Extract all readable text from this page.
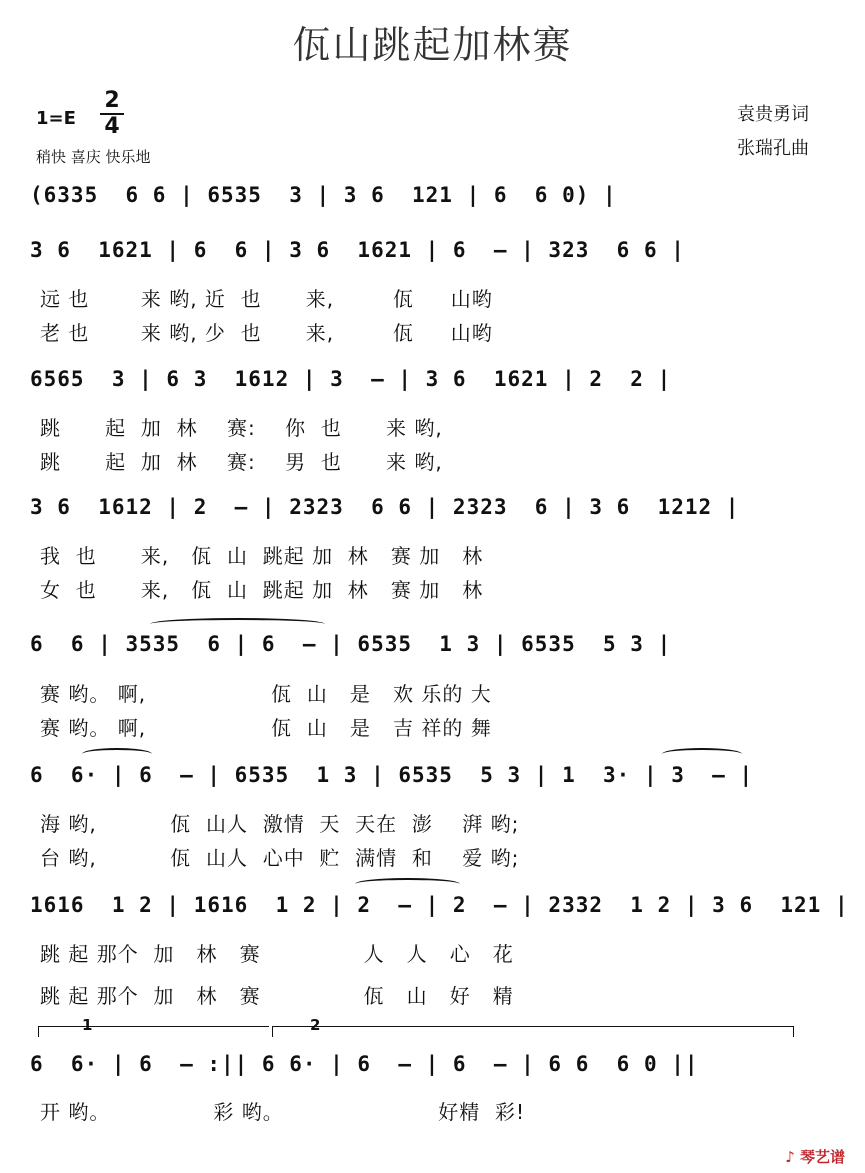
佤山跳起加林赛
1=E
2
4
稍快 喜庆 快乐地
袁贵勇词
张瑞孔曲
(6335  6 6 | 6535  3 | 3 6  121 | 6  6 0) |
3 6  1621 | 6  6 | 3 6  1621 | 6  — | 323  6 6 |
远 也       来 哟, 近  也      来,        佤     山哟
老 也       来 哟, 少  也      来,        佤     山哟
6565  3 | 6 3  1612 | 3  — | 3 6  1621 | 2  2 |
跳      起  加  林    赛:    你  也      来 哟,
跳      起  加  林    赛:    男  也      来 哟,
3 6  1612 | 2  — | 2323  6 6 | 2323  6 | 3 6  1212 |
我  也      来,   佤  山  跳起 加  林   赛 加   林
女  也      来,   佤  山  跳起 加  林   赛 加   林
6  6 | 3535  6 | 6  — | 6535  1 3 | 6535  5 3 |
赛 哟。 啊,                 佤  山   是   欢 乐的 大
赛 哟。 啊,                 佤  山   是   吉 祥的 舞
6  6· | 6  — | 6535  1 3 | 6535  5 3 | 1  3· | 3  — |
海 哟,          佤  山人  激情  天  天在  澎    湃 哟;
台 哟,          佤  山人  心中  贮  满情  和    爱 哟;
1616  1 2 | 1616  1 2 | 2  — | 2  — | 2332  1 2 | 3 6  121 |
跳 起 那个  加   林   赛              人   人   心   花
跳 起 那个  加   林   赛              佤   山   好   精
1	2
6  6· | 6  — :|| 6 6· | 6  — | 6  — | 6 6  6 0 ||
开 哟。              彩 哟。                     好精  彩!
♪ 琴艺谱
